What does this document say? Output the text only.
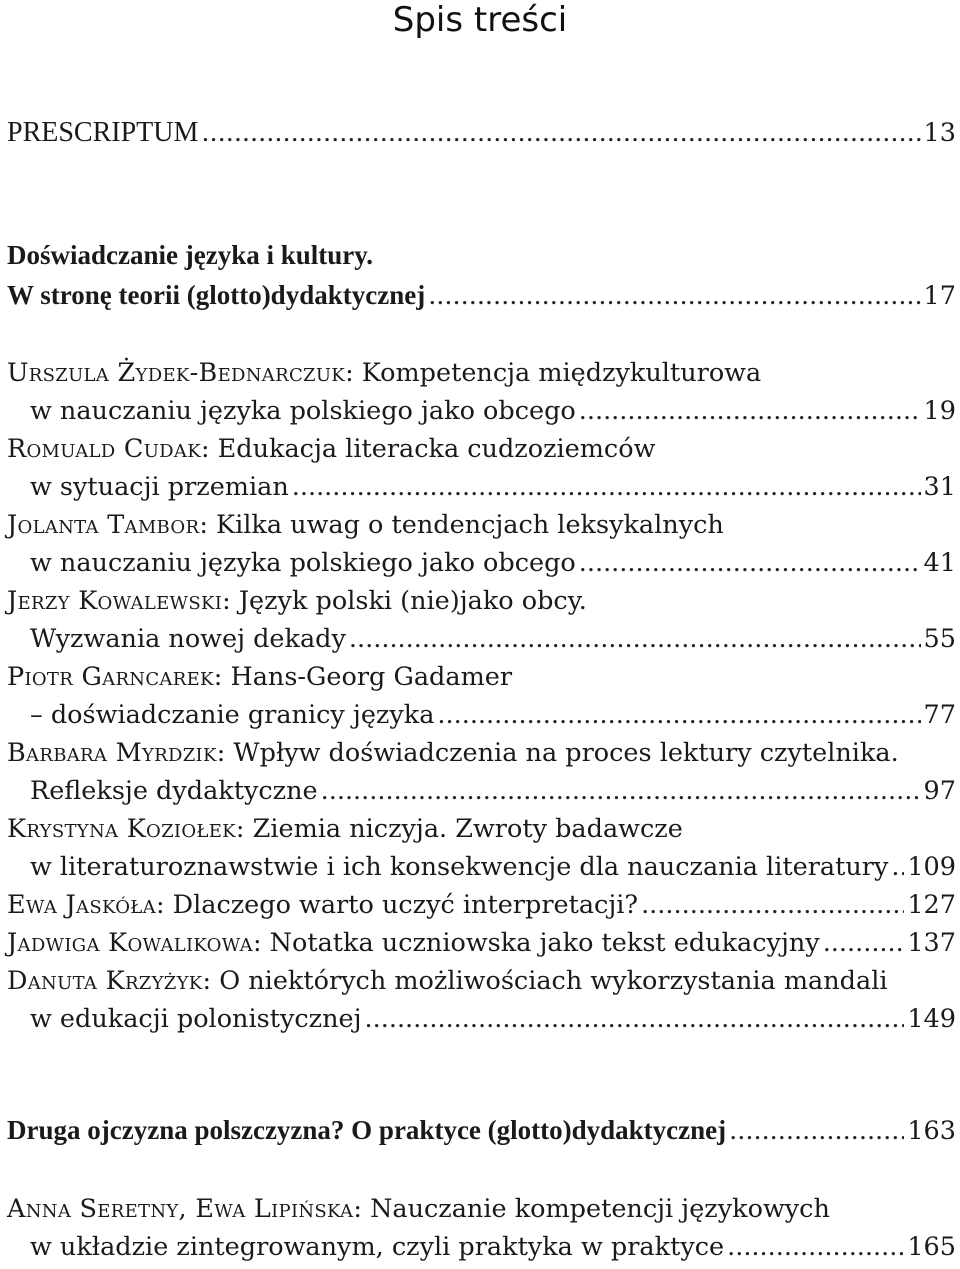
Spis treści
PRESCRIPTUM .....	13
Doświadczanie języka i kultury.
W stronę teorii (glotto)dydaktycznej .....	17
Urszula Żydek-Bednarczuk: Kompetencja międzykulturowa
w nauczaniu języka polskiego jako obcego .....	19
Romuald Cudak: Edukacja literacka cudzoziemców
w sytuacji przemian .....	31
Jolanta Tambor: Kilka uwag o tendencjach leksykalnych
w nauczaniu języka polskiego jako obcego .....	41
Jerzy Kowalewski: Język polski (nie)jako obcy.
Wyzwania nowej dekady .....	55
Piotr Garncarek: Hans-Georg Gadamer
– doświadczanie granicy języka .....	77
Barbara Myrdzik: Wpływ doświadczenia na proces lektury czytelnika.
Refleksje dydaktyczne .....	97
Krystyna Koziołek: Ziemia niczyja. Zwroty badawcze
w literaturoznawstwie i ich konsekwencje dla nauczania literatury ..... 109
Ewa Jaskóła: Dlaczego warto uczyć interpretacji? .....	127
Jadwiga Kowalikowa: Notatka uczniowska jako tekst edukacyjny .....	137
Danuta Krzyżyk: O niektórych możliwościach wykorzystania mandali
w edukacji polonistycznej .....	149
Druga ojczyzna polszczyzna? O praktyce (glotto)dydaktycznej .....	163
Anna Seretny, Ewa Lipińska: Nauczanie kompetencji językowych
w układzie zintegrowanym, czyli praktyka w praktyce .....	165
